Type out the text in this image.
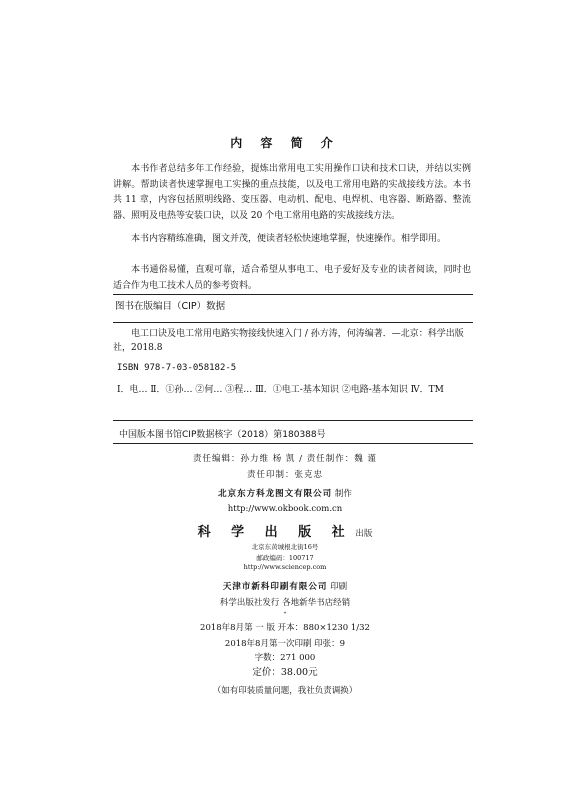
内 容 简 介

本书作者总结多年工作经验，提炼出常用电工实用操作口诀和技术口诀，并结以实例讲解。帮助读者快速掌握电工实操的重点技能，以及电工常用电路的实战接线方法。本书共 11 章，内容包括照明线路、变压器、电动机、配电、电焊机、电容器、断路器、整流器、照明及电热等安装口诀，以及 20 个电工常用电路的实战接线方法。

本书内容精练准确，图文并茂，便读者轻松快速地掌握，快速操作。相学即用。

本书通俗易懂，直观可靠，适合希望从事电工、电子爱好及专业的读者阅读，同时也适合作为电工技术人员的参考资料。

图书在版编目（CIP）数据

电工口诀及电工常用电路实物接线快速入门 / 孙方涛，何涛编著．—北京：科学出版社，2018.8

ISBN 978-7-03-058182-5

Ⅰ．电… Ⅱ．①孙… ②何… ③程… Ⅲ．①电工-基本知识 ②电路-基本知识 Ⅳ．TM

中国版本图书馆CIP数据核字（2018）第180388号
责任编辑：孙力维 杨 凯 / 责任制作：魏 谨
责任印制：张克忠
北京东方科龙图文有限公司 制作
http://www.okbook.com.cn
科 学 出 版 社 出版
北京东黄城根北街16号
邮政编码：100717
http://www.sciencep.com
天津市新科印刷有限公司 印刷
科学出版社发行 各地新华书店经销
*
2018年8月第 一 版 开本：880×1230 1/32
2018年8月第一次印刷 印张：9
字数：271 000
定价：38.00元
（如有印装质量问题，我社负责调换）
